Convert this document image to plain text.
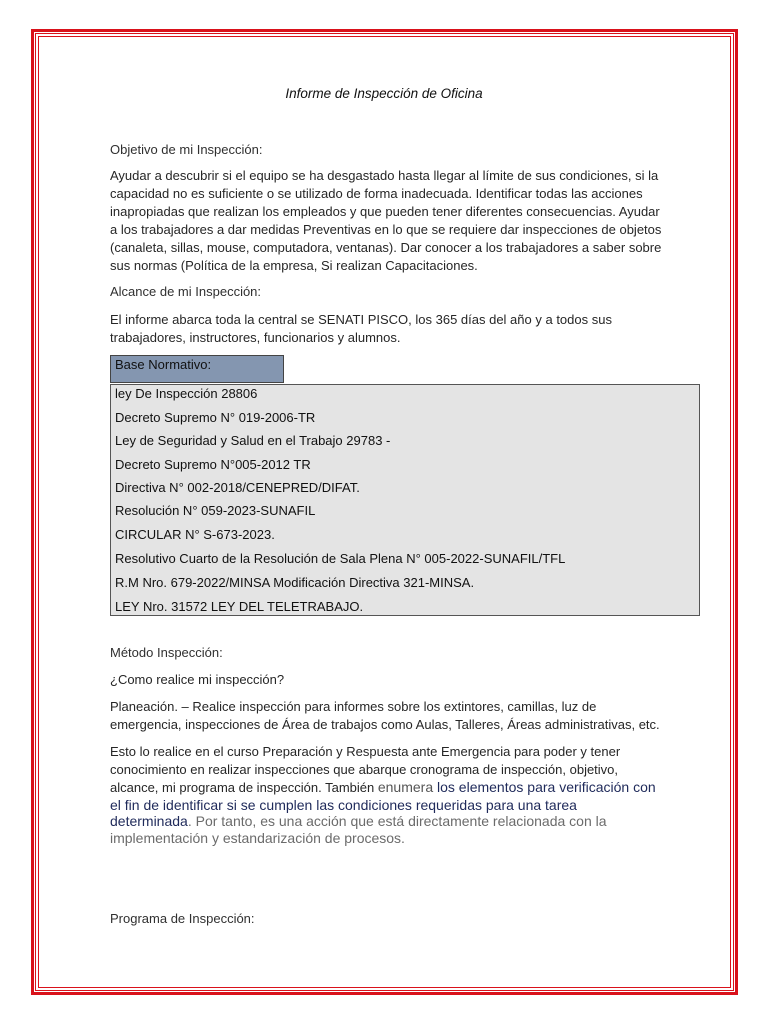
Informe de Inspección de Oficina

Objetivo de mi Inspección:

Ayudar a descubrir si el equipo se ha desgastado hasta llegar al límite de sus condiciones, si la

capacidad no es suficiente o se utilizado de forma inadecuada. Identificar todas las acciones

inapropiadas que realizan los empleados y que pueden tener diferentes consecuencias. Ayudar

a los trabajadores a dar medidas Preventivas en lo que se requiere dar inspecciones de objetos

(canaleta, sillas, mouse, computadora, ventanas). Dar conocer a los trabajadores a saber sobre

sus normas (Política de la empresa, Si realizan Capacitaciones.

Alcance de mi Inspección:

El informe abarca toda la central se SENATI PISCO, los 365 días del año y a todos sus

trabajadores, instructores, funcionarios y alumnos.

Base Normativo:
ley De Inspección 28806
Decreto Supremo N° 019-2006-TR
Ley de Seguridad y Salud en el Trabajo 29783 -
Decreto Supremo N°005-2012 TR
Directiva N° 002-2018/CENEPRED/DIFAT.
Resolución N° 059-2023-SUNAFIL
CIRCULAR N° S-673-2023.
Resolutivo Cuarto de la Resolución de Sala Plena N° 005-2022-SUNAFIL/TFL
R.M Nro. 679-2022/MINSA Modificación Directiva 321-MINSA.
LEY Nro. 31572 LEY DEL TELETRABAJO.

Método Inspección:

¿Como realice mi inspección?

Planeación. – Realice inspección para informes sobre los extintores, camillas, luz de

emergencia, inspecciones de Área de trabajos como Aulas, Talleres, Áreas administrativas, etc.

Esto lo realice en el curso Preparación y Respuesta ante Emergencia para poder y tener

conocimiento en realizar inspecciones que abarque cronograma de inspección, objetivo,

alcance, mi programa de inspección. También enumera los elementos para verificación con

el fin de identificar si se cumplen las condiciones requeridas para una tarea

determinada. Por tanto, es una acción que está directamente relacionada con la

implementación y estandarización de procesos.

Programa de Inspección:
